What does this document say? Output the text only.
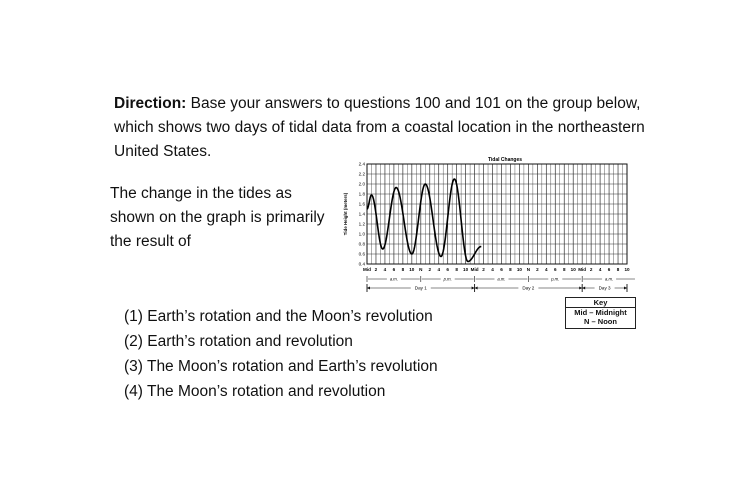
Direction: Base your answers to questions 100 and 101 on the group below, which shows two days of tidal data from a coastal location in the northeastern United States.

The change in the tides as shown on the graph is primarily the result of

(1) Earth’s rotation and the Moon’s revolution
(2) Earth’s rotation and revolution
(3) The Moon’s rotation and Earth’s revolution
(4) The Moon’s rotation and revolution
Tidal Changes
0.4
0.6
0.8
1.0
1.2
1.4
1.6
1.8
2.0
2.2
2.4
Tide Height (meters)
Mid 2 4 6 8 10 N 2 4 6 8 10 Mid 2 4 6 8 10 N 2 4 6 8 10 Mid 2 4 6 8 10
a.m.	p.m.	a.m.	p.m.	a.m.
Day 1	Day 2	Day 3
Key
Mid – Midnight
N – Noon
